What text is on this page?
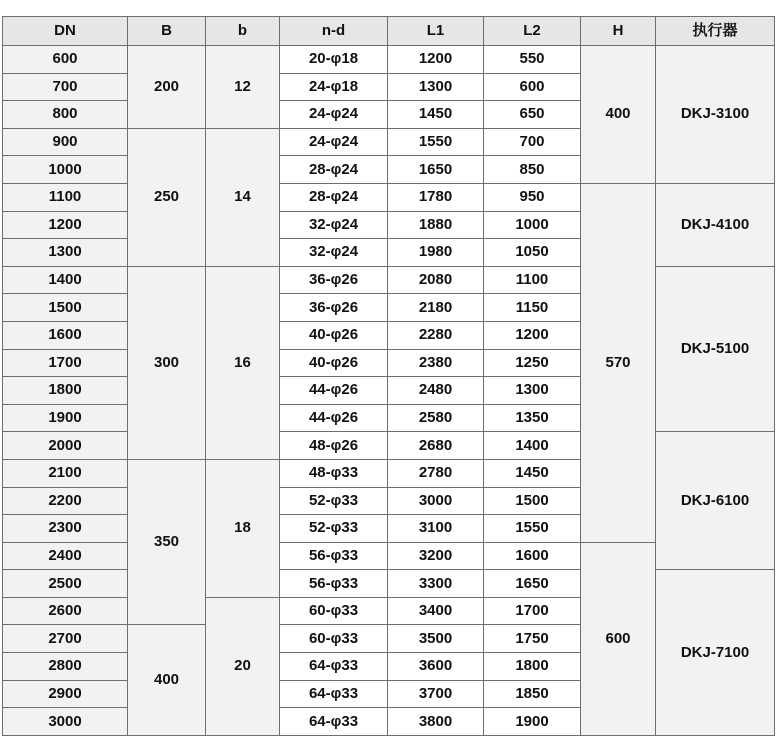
DN	B	b	n-d	L1	L2	H	执行器
600	200	12	20-φ18	1200	550	400	DKJ-3100
700			24-φ18	1300	600		
800			24-φ24	1450	650		
900	250	14	24-φ24	1550	700		
1000			28-φ24	1650	850		
1100			28-φ24	1780	950	570	DKJ-4100
1200			32-φ24	1880	1000		
1300			32-φ24	1980	1050		
1400	300	16	36-φ26	2080	1100		DKJ-5100
1500			36-φ26	2180	1150		
1600			40-φ26	2280	1200		
1700			40-φ26	2380	1250		
1800			44-φ26	2480	1300		
1900			44-φ26	2580	1350		
2000			48-φ26	2680	1400		DKJ-6100
2100	350	18	48-φ33	2780	1450		
2200			52-φ33	3000	1500		
2300			52-φ33	3100	1550		
2400			56-φ33	3200	1600	600	
2500			56-φ33	3300	1650		DKJ-7100
2600		20	60-φ33	3400	1700		
2700	400		60-φ33	3500	1750		
2800			64-φ33	3600	1800		
2900			64-φ33	3700	1850		
3000			64-φ33	3800	1900		
